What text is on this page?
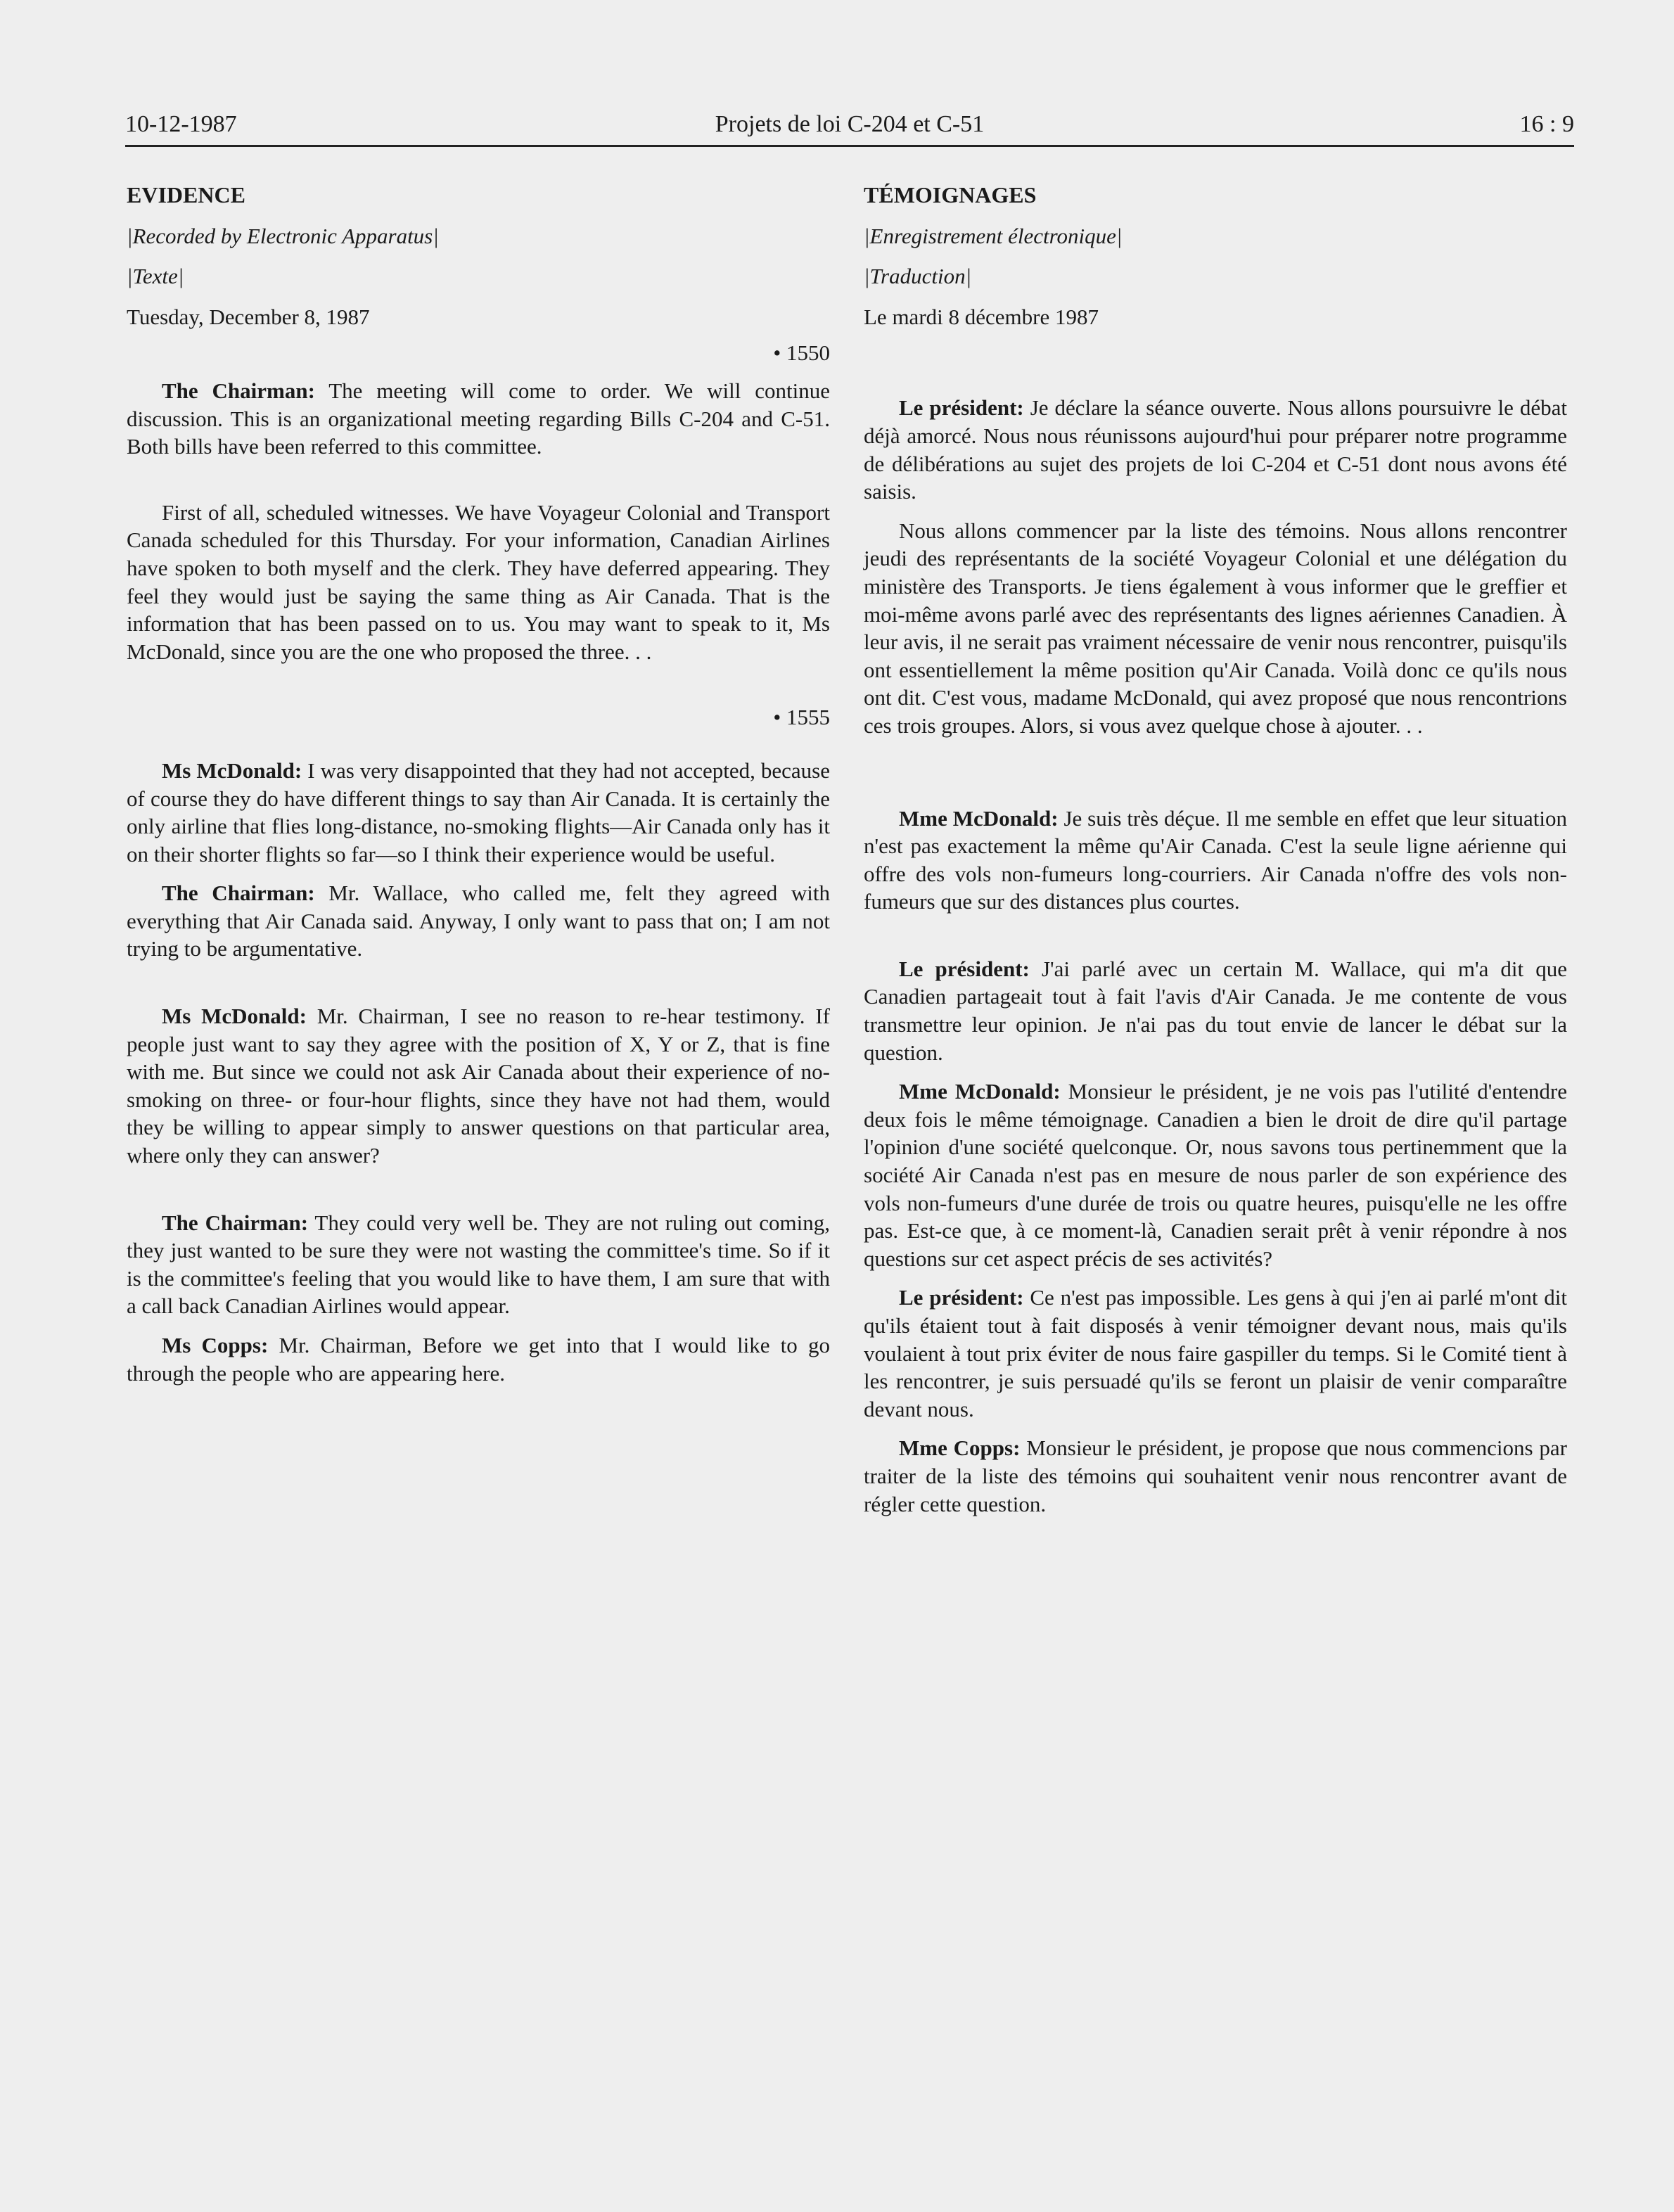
10-12-1987	Projets de loi C-204 et C-51	16 : 9

EVIDENCE

|Recorded by Electronic Apparatus|

|Texte|

Tuesday, December 8, 1987

• 1550

The Chairman: The meeting will come to order. We will continue discussion. This is an organizational meeting regarding Bills C-204 and C-51. Both bills have been referred to this committee.

First of all, scheduled witnesses. We have Voyageur Colonial and Transport Canada scheduled for this Thursday. For your information, Canadian Airlines have spoken to both myself and the clerk. They have deferred appearing. They feel they would just be saying the same thing as Air Canada. That is the information that has been passed on to us. You may want to speak to it, Ms McDonald, since you are the one who proposed the three. . .

• 1555

Ms McDonald: I was very disappointed that they had not accepted, because of course they do have different things to say than Air Canada. It is certainly the only airline that flies long-distance, no-smoking flights—Air Canada only has it on their shorter flights so far—so I think their experience would be useful.

The Chairman: Mr. Wallace, who called me, felt they agreed with everything that Air Canada said. Anyway, I only want to pass that on; I am not trying to be argumentative.

Ms McDonald: Mr. Chairman, I see no reason to re-hear testimony. If people just want to say they agree with the position of X, Y or Z, that is fine with me. But since we could not ask Air Canada about their experience of no-smoking on three- or four-hour flights, since they have not had them, would they be willing to appear simply to answer questions on that particular area, where only they can answer?

The Chairman: They could very well be. They are not ruling out coming, they just wanted to be sure they were not wasting the committee's time. So if it is the committee's feeling that you would like to have them, I am sure that with a call back Canadian Airlines would appear.

Ms Copps: Mr. Chairman, Before we get into that I would like to go through the people who are appearing here.

TÉMOIGNAGES

|Enregistrement électronique|

|Traduction|

Le mardi 8 décembre 1987

Le président: Je déclare la séance ouverte. Nous allons poursuivre le débat déjà amorcé. Nous nous réunissons aujourd'hui pour préparer notre programme de délibérations au sujet des projets de loi C-204 et C-51 dont nous avons été saisis.

Nous allons commencer par la liste des témoins. Nous allons rencontrer jeudi des représentants de la société Voyageur Colonial et une délégation du ministère des Transports. Je tiens également à vous informer que le greffier et moi-même avons parlé avec des représentants des lignes aériennes Canadien. À leur avis, il ne serait pas vraiment nécessaire de venir nous rencontrer, puisqu'ils ont essentiellement la même position qu'Air Canada. Voilà donc ce qu'ils nous ont dit. C'est vous, madame McDonald, qui avez proposé que nous rencontrions ces trois groupes. Alors, si vous avez quelque chose à ajouter. . .

Mme McDonald: Je suis très déçue. Il me semble en effet que leur situation n'est pas exactement la même qu'Air Canada. C'est la seule ligne aérienne qui offre des vols non-fumeurs long-courriers. Air Canada n'offre des vols non-fumeurs que sur des distances plus courtes.

Le président: J'ai parlé avec un certain M. Wallace, qui m'a dit que Canadien partageait tout à fait l'avis d'Air Canada. Je me contente de vous transmettre leur opinion. Je n'ai pas du tout envie de lancer le débat sur la question.

Mme McDonald: Monsieur le président, je ne vois pas l'utilité d'entendre deux fois le même témoignage. Canadien a bien le droit de dire qu'il partage l'opinion d'une société quelconque. Or, nous savons tous pertinemment que la société Air Canada n'est pas en mesure de nous parler de son expérience des vols non-fumeurs d'une durée de trois ou quatre heures, puisqu'elle ne les offre pas. Est-ce que, à ce moment-là, Canadien serait prêt à venir répondre à nos questions sur cet aspect précis de ses activités?

Le président: Ce n'est pas impossible. Les gens à qui j'en ai parlé m'ont dit qu'ils étaient tout à fait disposés à venir témoigner devant nous, mais qu'ils voulaient à tout prix éviter de nous faire gaspiller du temps. Si le Comité tient à les rencontrer, je suis persuadé qu'ils se feront un plaisir de venir comparaître devant nous.

Mme Copps: Monsieur le président, je propose que nous commencions par traiter de la liste des témoins qui souhaitent venir nous rencontrer avant de régler cette question.
